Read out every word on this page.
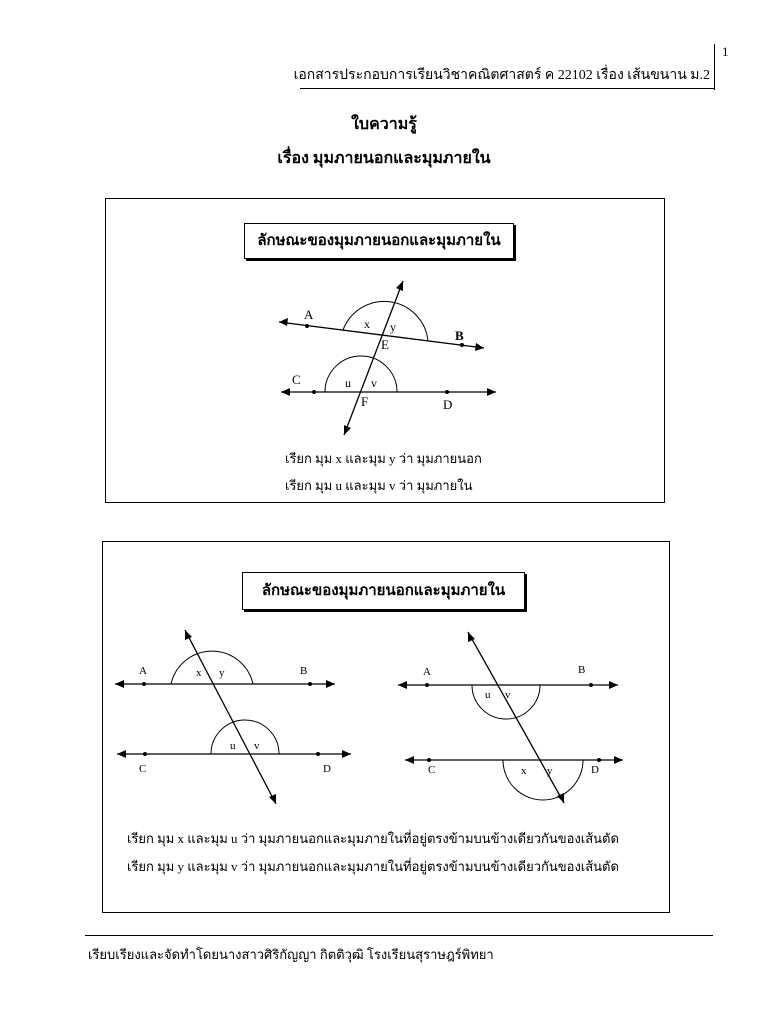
1
เอกสารประกอบการเรียนวิชาคณิตศาสตร์ ค 22102 เรื่อง เส้นขนาน ม.2
ใบความรู้
เรื่อง มุมภายนอกและมุมภายใน
ลักษณะของมุมภายนอกและมุมภายใน
A
B
C
D
E
F
x y
u v
เรียก มุม x และมุม y ว่า มุมภายนอก
เรียก มุม u และมุม v ว่า มุมภายใน
ลักษณะของมุมภายนอกและมุมภายใน
A	B
C	D
x y
u v
A	B
C	D
x y
u v
เรียก มุม x และมุม u ว่า มุมภายนอกและมุมภายในที่อยู่ตรงข้ามบนข้างเดียวกันของเส้นตัด
เรียก มุม y และมุม v ว่า มุมภายนอกและมุมภายในที่อยู่ตรงข้ามบนข้างเดียวกันของเส้นตัด
เรียบเรียงและจัดทำโดยนางสาวศิริกัญญา กิตติวุฒิ โรงเรียนสุราษฎร์พิทยา
